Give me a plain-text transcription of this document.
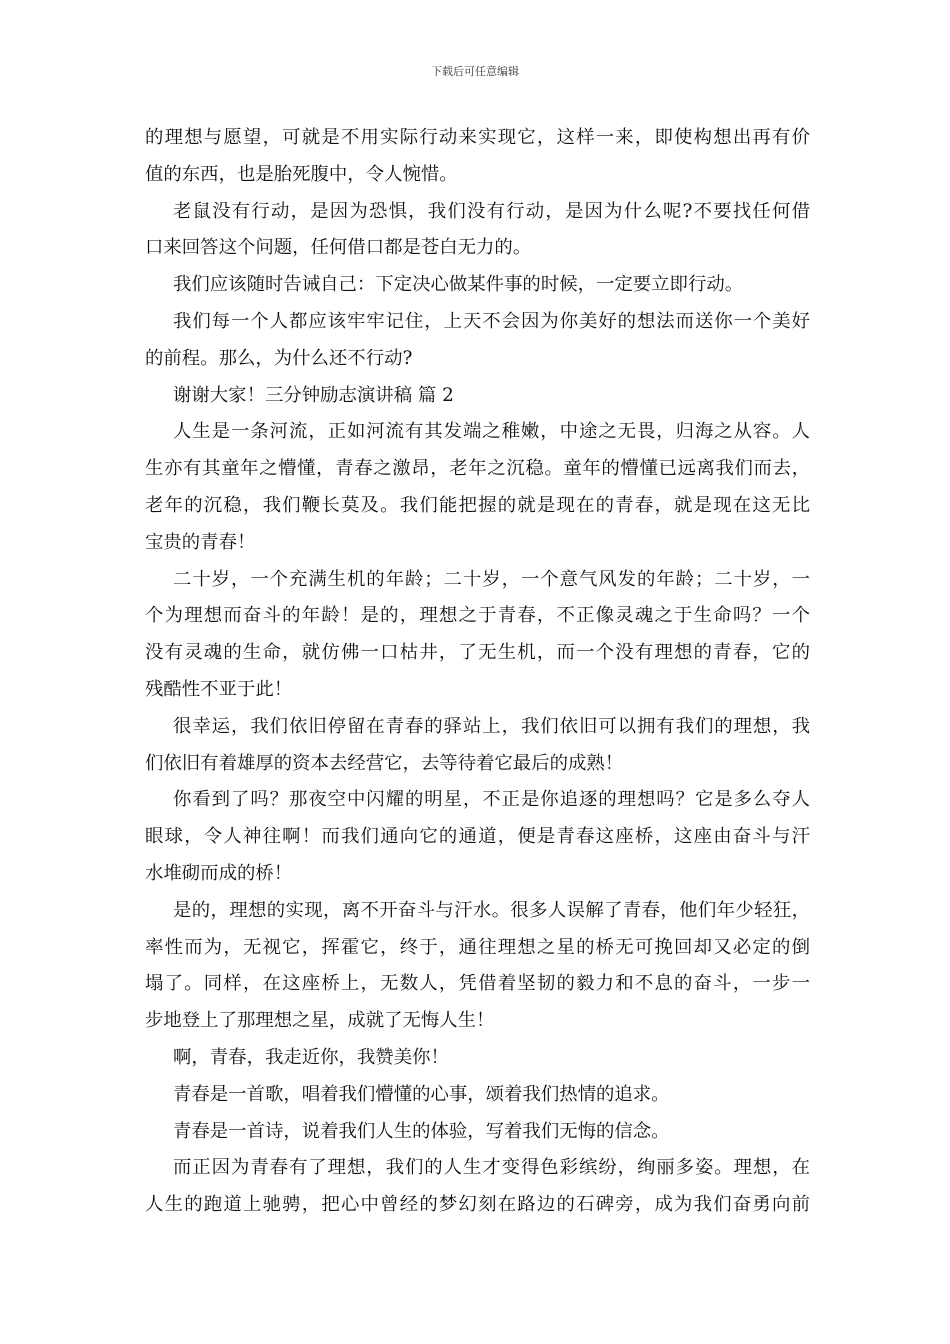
下载后可任意编辑
的理想与愿望，可就是不用实际行动来实现它，这样一来，即使构想出再有价
值的东西，也是胎死腹中，令人惋惜。
老鼠没有行动，是因为恐惧，我们没有行动，是因为什么呢?不要找任何借
口来回答这个问题，任何借口都是苍白无力的。
我们应该随时告诫自己：下定决心做某件事的时候，一定要立即行动。
我们每一个人都应该牢牢记住，上天不会因为你美好的想法而送你一个美好
的前程。那么，为什么还不行动?
谢谢大家！三分钟励志演讲稿 篇 2
人生是一条河流，正如河流有其发端之稚嫩，中途之无畏，归海之从容。人
生亦有其童年之懵懂，青春之激昂，老年之沉稳。童年的懵懂已远离我们而去，
老年的沉稳，我们鞭长莫及。我们能把握的就是现在的青春，就是现在这无比
宝贵的青春！
二十岁，一个充满生机的年龄；二十岁，一个意气风发的年龄；二十岁，一
个为理想而奋斗的年龄！是的，理想之于青春，不正像灵魂之于生命吗？一个
没有灵魂的生命，就仿佛一口枯井，了无生机，而一个没有理想的青春，它的
残酷性不亚于此！
很幸运，我们依旧停留在青春的驿站上，我们依旧可以拥有我们的理想，我
们依旧有着雄厚的资本去经营它，去等待着它最后的成熟！
你看到了吗？那夜空中闪耀的明星，不正是你追逐的理想吗？它是多么夺人
眼球，令人神往啊！而我们通向它的通道，便是青春这座桥，这座由奋斗与汗
水堆砌而成的桥！
是的，理想的实现，离不开奋斗与汗水。很多人误解了青春，他们年少轻狂，
率性而为，无视它，挥霍它，终于，通往理想之星的桥无可挽回却又必定的倒
塌了。同样，在这座桥上，无数人，凭借着坚韧的毅力和不息的奋斗，一步一
步地登上了那理想之星，成就了无悔人生！
啊，青春，我走近你，我赞美你！
青春是一首歌，唱着我们懵懂的心事，颂着我们热情的追求。
青春是一首诗，说着我们人生的体验，写着我们无悔的信念。
而正因为青春有了理想，我们的人生才变得色彩缤纷，绚丽多姿。理想，在
人生的跑道上驰骋，把心中曾经的梦幻刻在路边的石碑旁，成为我们奋勇向前
